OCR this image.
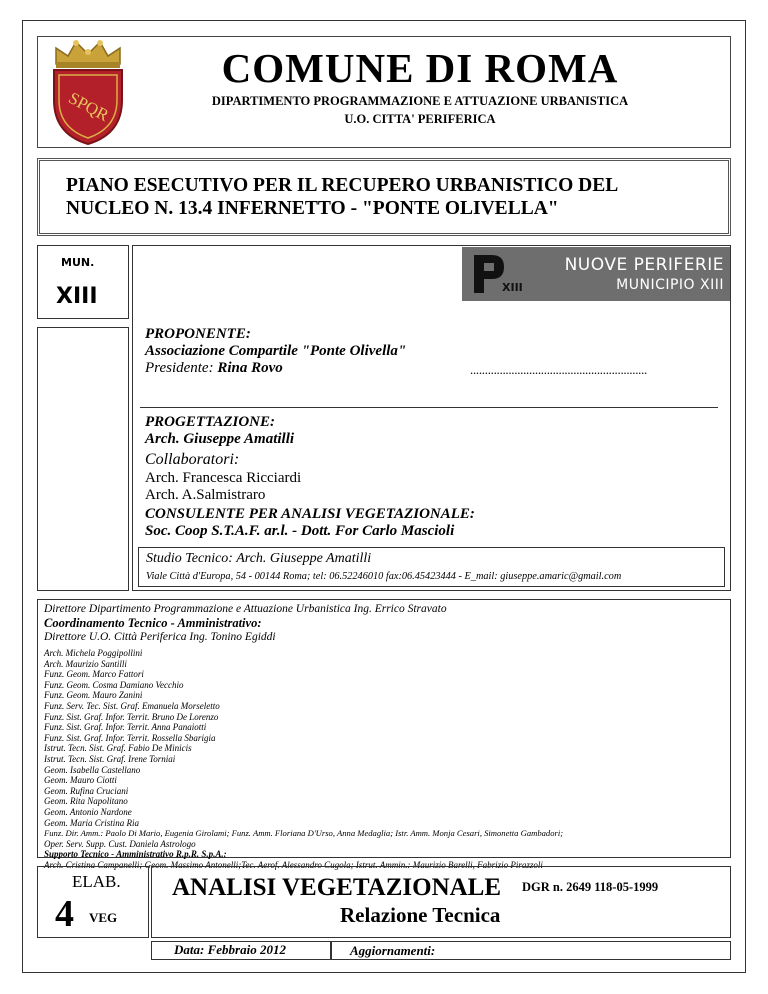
SPQR
COMUNE DI ROMA
DIPARTIMENTO PROGRAMMAZIONE E ATTUAZIONE URBANISTICA
U.O. CITTA' PERIFERICA
PIANO ESECUTIVO PER IL RECUPERO URBANISTICO DEL
NUCLEO N. 13.4 INFERNETTO - "PONTE OLIVELLA"
MUN.
XIII	XIII
NUOVE PERIFERIE
MUNICIPIO XIII
PROPONENTE:
Associazione Compartile "Ponte Olivella"
Presidente: Rina Rovo	............................................................
PROGETTAZIONE:
Arch. Giuseppe Amatilli
Collaboratori:
Arch. Francesca Ricciardi
Arch. A.Salmistraro
CONSULENTE PER ANALISI VEGETAZIONALE:
Soc. Coop S.T.A.F. ar.l. - Dott. For Carlo Mascioli
Studio Tecnico: Arch. Giuseppe Amatilli
Viale Città d'Europa, 54 - 00144 Roma; tel: 06.52246010 fax:06.45423444 - E_mail: giuseppe.amaric@gmail.com
Direttore Dipartimento Programmazione e Attuazione Urbanistica Ing. Errico Stravato
Coordinamento Tecnico - Amministrativo:
Direttore U.O. Città Periferica Ing. Tonino Egiddi
Arch. Michela Poggipollini
Arch. Maurizio Santilli
Funz. Geom. Marco Fattori
Funz. Geom. Cosma Damiano Vecchio
Funz. Geom. Mauro Zanini
Funz. Serv. Tec. Sist. Graf. Emanuela Morseletto
Funz. Sist. Graf. Infor. Territ. Bruno De Lorenzo
Funz. Sist. Graf. Infor. Territ. Anna Panaiotti
Funz. Sist. Graf. Infor. Territ. Rossella Sbarigia
Istrut. Tecn. Sist. Graf. Fabio De Minicis
Istrut. Tecn. Sist. Graf. Irene Torniai
Geom. Isabella Castellano
Geom. Mauro Ciotti
Geom. Rufina Cruciani
Geom. Rita Napolitano
Geom. Antonio Nardone
Geom. Maria Cristina Ria
Funz. Dir. Amm.: Paolo Di Mario, Eugenia Girolami; Funz. Amm. Floriana D'Urso, Anna Medaglia; Istr. Amm. Monja Cesari, Simonetta Gambadori;
Oper. Serv. Supp. Cust. Daniela Astrologo
Supporto Tecnico - Amministrativo R.p.R. S.p.A.:
Arch. Cristina Campanelli; Geom. Massimo Antonelli;Tec. Aerof. Alessandro Cugola; Istrut. Ammin.: Maurizio Barelli, Fabrizio Pirazzoli
ELAB.
4 VEG
ANALISI VEGETAZIONALE DGR n. 2649 118-05-1999
Relazione Tecnica
Data: Febbraio 2012	Aggiornamenti:
